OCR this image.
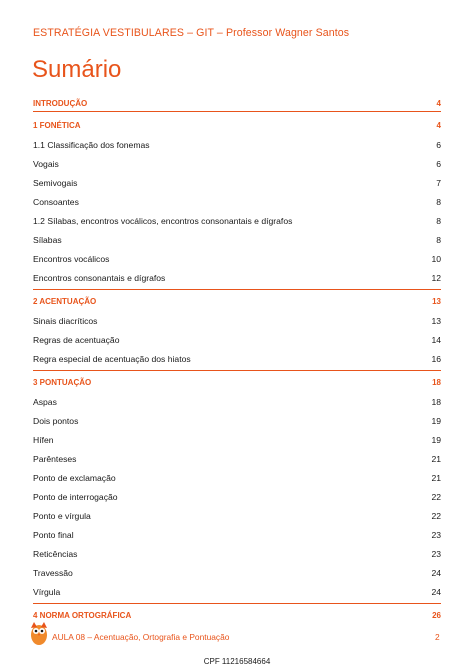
ESTRATÉGIA VESTIBULARES – GIT – Professor Wagner Santos
Sumário
INTRODUÇÃO	4
1 FONÉTICA	4
1.1 Classificação dos fonemas	6
Vogais	6
Semivogais	7
Consoantes	8
1.2 Sílabas, encontros vocálicos, encontros consonantais e dígrafos	8
Sílabas	8
Encontros vocálicos	10
Encontros consonantais e dígrafos	12
2 ACENTUAÇÃO	13
Sinais diacríticos	13
Regras de acentuação	14
Regra especial de acentuação dos hiatos	16
3 PONTUAÇÃO	18
Aspas	18
Dois pontos	19
Hífen	19
Parênteses	21
Ponto de exclamação	21
Ponto de interrogação	22
Ponto e vírgula	22
Ponto final	23
Reticências	23
Travessão	24
Vírgula	24
4 NORMA ORTOGRÁFICA	26
AULA 08 – Acentuação, Ortografia e Pontuação	2
CPF 11216584664
